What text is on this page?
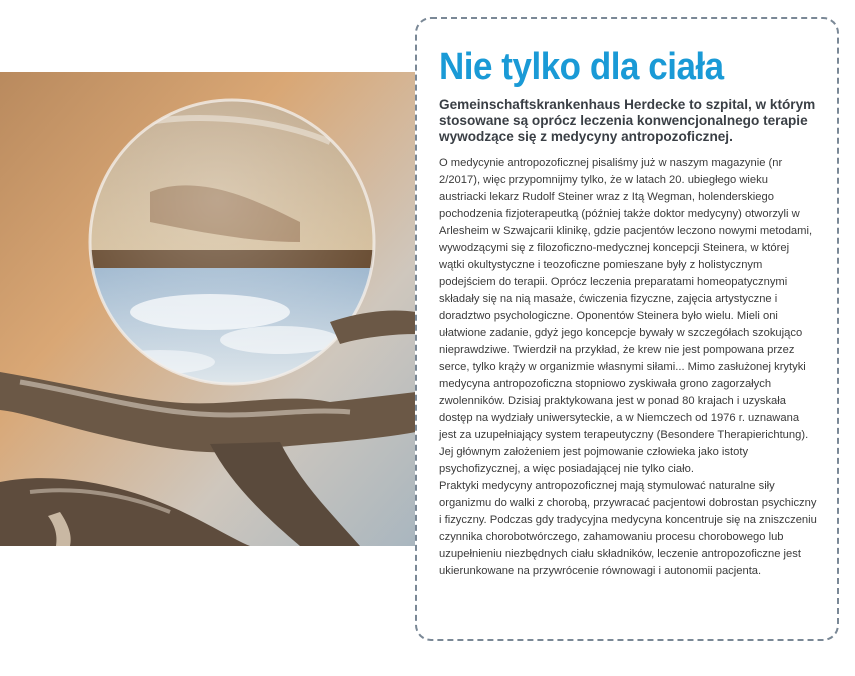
Nie tylko dla ciała

Gemeinschaftskrankenhaus Herdecke to szpital, w którym stosowane są oprócz leczenia konwencjonalnego terapie wywodzące się z medycyny antropozoficznej.

O medycynie antropozoficznej pisaliśmy już w naszym magazynie (nr 2/2017), więc przypomnijmy tylko, że w latach 20. ubiegłego wieku austriacki lekarz Rudolf Steiner wraz z Itą Wegman, holenderskiego pochodzenia fizjoterapeutką (później także doktor medycyny) otworzyli w Arlesheim w Szwajcarii klinikę, gdzie pacjentów leczono nowymi metodami, wywodzącymi się z filozoficzno-medycznej koncepcji Steinera, w której wątki okultystyczne i teozoficzne pomieszane były z holistycznym podejściem do terapii. Oprócz leczenia preparatami homeopatycznymi składały się na nią masaże, ćwiczenia fizyczne, zajęcia artystyczne i doradztwo psychologiczne. Oponentów Steinera było wielu. Mieli oni ułatwione zadanie, gdyż jego koncepcje bywały w szczegółach szokująco nieprawdziwe. Twierdził na przykład, że krew nie jest pompowana przez serce, tylko krąży w organizmie własnymi siłami... Mimo zasłużonej krytyki medycyna antropozoficzna stopniowo zyskiwała grono zagorzałych zwolenników. Dzisiaj praktykowana jest w ponad 80 krajach i uzyskała dostęp na wydziały uniwersyteckie, a w Niemczech od 1976 r. uznawana jest za uzupełniający system terapeutyczny (Besondere Therapierichtung). Jej głównym założeniem jest pojmowanie człowieka jako istoty psychofizycznej, a więc posiadającej nie tylko ciało.

Praktyki medycyny antropozoficznej mają stymulować naturalne siły organizmu do walki z chorobą, przywracać pacjentowi dobrostan psychiczny i fizyczny. Podczas gdy tradycyjna medycyna koncentruje się na zniszczeniu czynnika chorobotwórczego, zahamowaniu procesu chorobowego lub uzupełnieniu niezbędnych ciału składników, leczenie antropozoficzne jest ukierunkowane na przywrócenie równowagi i autonomii pacjenta.
